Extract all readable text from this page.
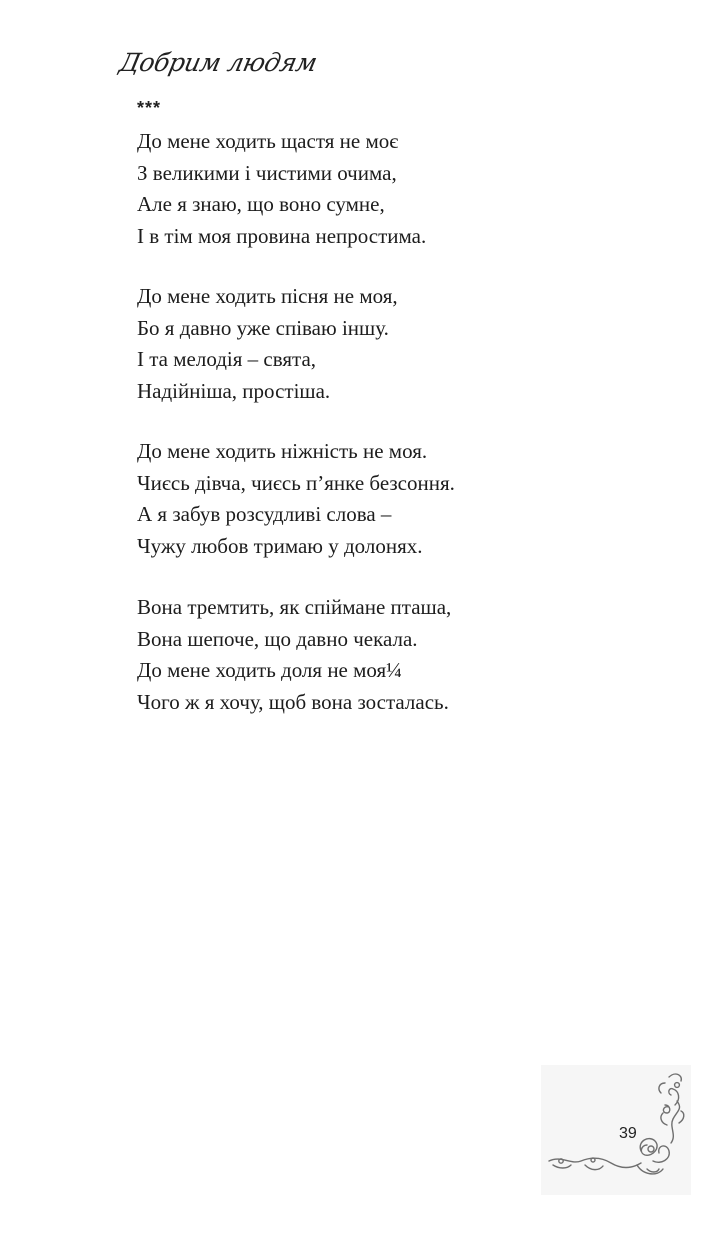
Добрим людям
***
До мене ходить щастя не моє
З великими і чистими очима,
Але я знаю, що воно сумне,
І в тім моя провина непростима.
До мене ходить пісня не моя,
Бо я давно уже співаю іншу.
І та мелодія – свята,
Надійніша, простіша.
До мене ходить ніжність не моя.
Чиєсь дівча, чиєсь п’янке безсоння.
А я забув розсудливі слова –
Чужу любов тримаю у долонях.
Вона тремтить, як спіймане пташа,
Вона шепоче, що давно чекала.
До мене ходить доля не моя¼
Чого ж я хочу, щоб вона зосталась.
39
